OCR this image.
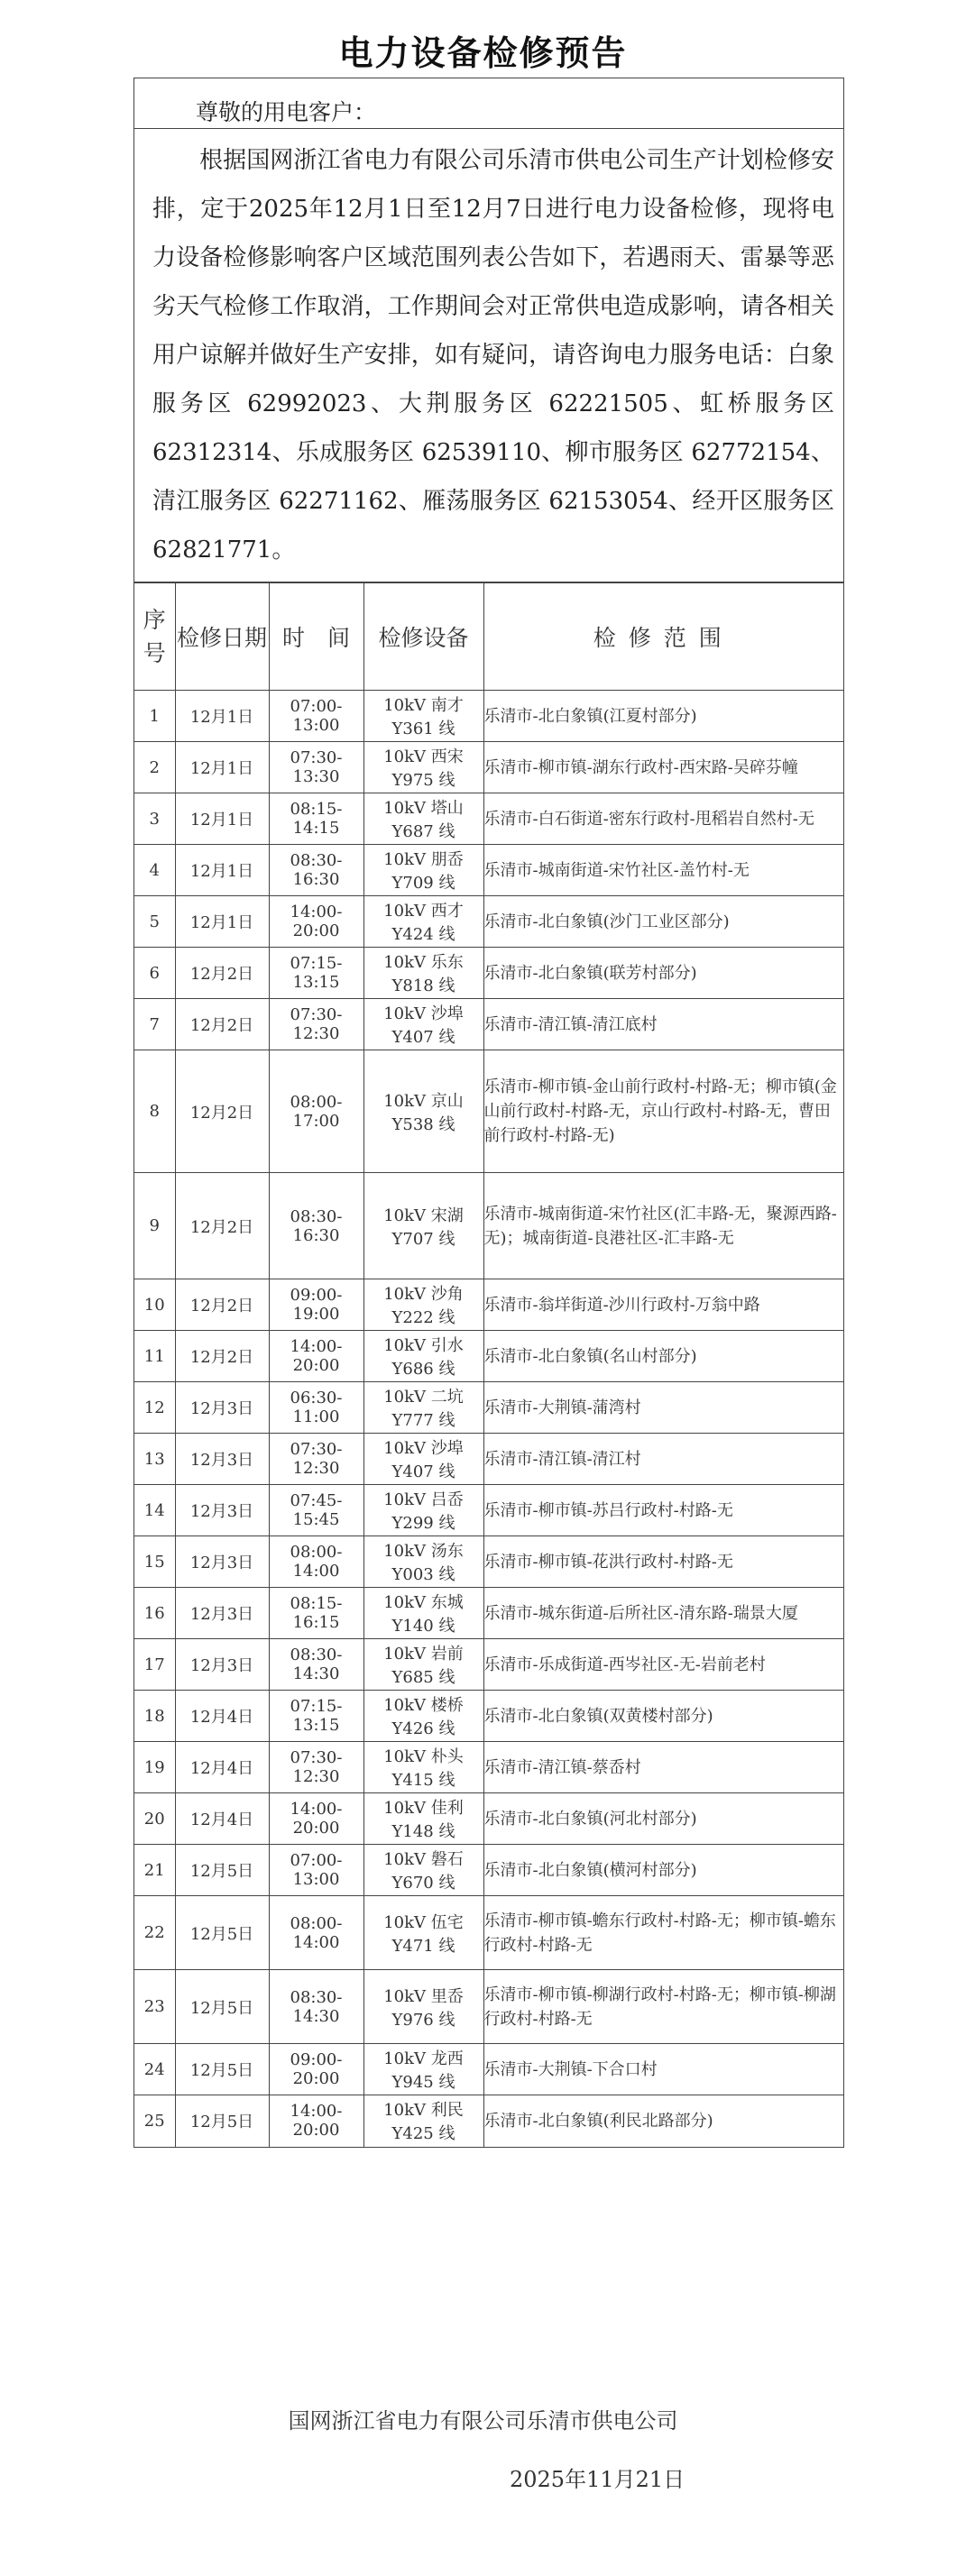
电力设备检修预告
尊敬的用电客户：
根据国网浙江省电力有限公司乐清市供电公司生产计划检修安排，定于2025年12月1日至12月7日进行电力设备检修，现将电力设备检修影响客户区域范围列表公告如下，若遇雨天、雷暴等恶劣天气检修工作取消，工作期间会对正常供电造成影响，请各相关用户谅解并做好生产安排，如有疑问，请咨询电力服务电话：白象服务区 62992023、大荆服务区 62221505、虹桥服务区 62312314、乐成服务区 62539110、柳市服务区 62772154、清江服务区 62271162、雁荡服务区 62153054、经开区服务区 62821771。
序
号	检修日期	时　间	检修设备	检修范围
1	12月1日	07:00-13:00	10kV 南才 Y361 线	乐清市-北白象镇(江夏村部分)
2	12月1日	07:30-13:30	10kV 西宋 Y975 线	乐清市-柳市镇-湖东行政村-西宋路-吴碎芬幢
3	12月1日	08:15-14:15	10kV 塔山 Y687 线	乐清市-白石街道-密东行政村-甩稻岩自然村-无
4	12月1日	08:30-16:30	10kV 朋岙 Y709 线	乐清市-城南街道-宋竹社区-盖竹村-无
5	12月1日	14:00-20:00	10kV 西才 Y424 线	乐清市-北白象镇(沙门工业区部分)
6	12月2日	07:15-13:15	10kV 乐东 Y818 线	乐清市-北白象镇(联芳村部分)
7	12月2日	07:30-12:30	10kV 沙埠 Y407 线	乐清市-清江镇-清江底村
8	12月2日	08:00-17:00	10kV 京山 Y538 线	乐清市-柳市镇-金山前行政村-村路-无；柳市镇(金山前行政村-村路-无，京山行政村-村路-无，曹田前行政村-村路-无)
9	12月2日	08:30-16:30	10kV 宋湖 Y707 线	乐清市-城南街道-宋竹社区(汇丰路-无，聚源西路-无)；城南街道-良港社区-汇丰路-无
10	12月2日	09:00-19:00	10kV 沙角 Y222 线	乐清市-翁垟街道-沙川行政村-万翁中路
11	12月2日	14:00-20:00	10kV 引水 Y686 线	乐清市-北白象镇(名山村部分)
12	12月3日	06:30-11:00	10kV 二坑 Y777 线	乐清市-大荆镇-蒲湾村
13	12月3日	07:30-12:30	10kV 沙埠 Y407 线	乐清市-清江镇-清江村
14	12月3日	07:45-15:45	10kV 吕岙 Y299 线	乐清市-柳市镇-苏吕行政村-村路-无
15	12月3日	08:00-14:00	10kV 汤东 Y003 线	乐清市-柳市镇-花洪行政村-村路-无
16	12月3日	08:15-16:15	10kV 东城 Y140 线	乐清市-城东街道-后所社区-清东路-瑞景大厦
17	12月3日	08:30-14:30	10kV 岩前 Y685 线	乐清市-乐成街道-西岑社区-无-岩前老村
18	12月4日	07:15-13:15	10kV 楼桥 Y426 线	乐清市-北白象镇(双黄楼村部分)
19	12月4日	07:30-12:30	10kV 朴头 Y415 线	乐清市-清江镇-蔡岙村
20	12月4日	14:00-20:00	10kV 佳利 Y148 线	乐清市-北白象镇(河北村部分)
21	12月5日	07:00-13:00	10kV 磐石 Y670 线	乐清市-北白象镇(横河村部分)
22	12月5日	08:00-14:00	10kV 伍宅 Y471 线	乐清市-柳市镇-蟾东行政村-村路-无；柳市镇-蟾东行政村-村路-无
23	12月5日	08:30-14:30	10kV 里岙 Y976 线	乐清市-柳市镇-柳湖行政村-村路-无；柳市镇-柳湖行政村-村路-无
24	12月5日	09:00-20:00	10kV 龙西 Y945 线	乐清市-大荆镇-下合口村
25	12月5日	14:00-20:00	10kV 利民 Y425 线	乐清市-北白象镇(利民北路部分)
国网浙江省电力有限公司乐清市供电公司
2025年11月21日
